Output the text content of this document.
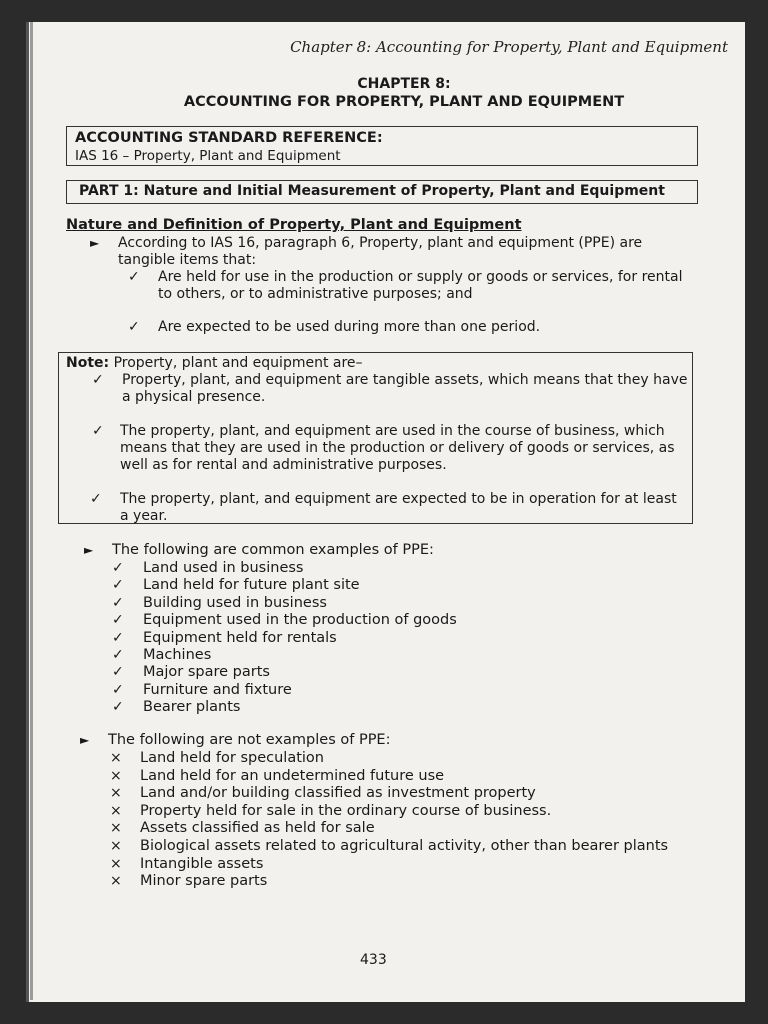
Chapter 8: Accounting for Property, Plant and Equipment
CHAPTER 8:
ACCOUNTING FOR PROPERTY, PLANT AND EQUIPMENT
ACCOUNTING STANDARD REFERENCE:
IAS 16 – Property, Plant and Equipment
PART 1: Nature and Initial Measurement of Property, Plant and Equipment
Nature and Definition of Property, Plant and Equipment
► According to IAS 16, paragraph 6, Property, plant and equipment (PPE) are
tangible items that:
✓ Are held for use in the production or supply or goods or services, for rental
to others, or to administrative purposes; and
✓ Are expected to be used during more than one period.
Note: Property, plant and equipment are–
✓ Property, plant, and equipment are tangible assets, which means that they have
a physical presence.
✓ The property, plant, and equipment are used in the course of business, which
means that they are used in the production or delivery of goods or services, as
well as for rental and administrative purposes.
✓ The property, plant, and equipment are expected to be in operation for at least
a year.
► The following are common examples of PPE:
✓ Land used in business
✓ Land held for future plant site
✓ Building used in business
✓ Equipment used in the production of goods
✓ Equipment held for rentals
✓ Machines
✓ Major spare parts
✓ Furniture and fixture
✓ Bearer plants
► The following are not examples of PPE:
× Land held for speculation
× Land held for an undetermined future use
× Land and/or building classified as investment property
× Property held for sale in the ordinary course of business.
× Assets classified as held for sale
× Biological assets related to agricultural activity, other than bearer plants
× Intangible assets
× Minor spare parts
433
